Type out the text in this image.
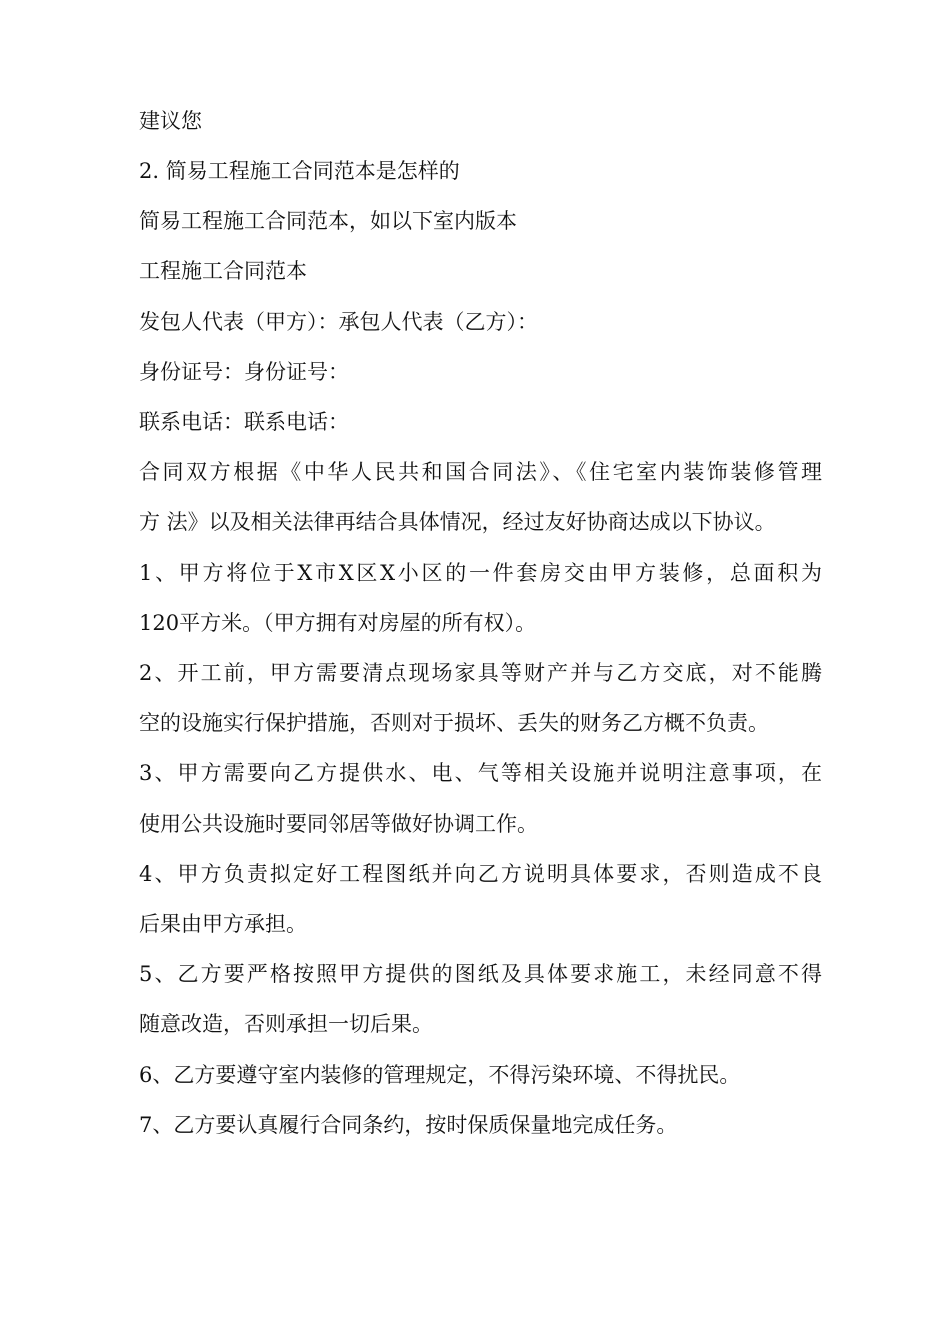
建议您
2. 简易工程施工合同范本是怎样的
简易工程施工合同范本，如以下室内版本
工程施工合同范本
发包人代表（甲方）：承包人代表（乙方）：
身份证号：身份证号：
联系电话：联系电话：
合同双方根据《中华人民共和国合同法》、《住宅室内装饰装修管理
方 法》以及相关法律再结合具体情况，经过友好协商达成以下协议。
1、甲方将位于X市X区X小区的一件套房交由甲方装修，总面积为
120平方米。（甲方拥有对房屋的所有权）。
2、开工前，甲方需要清点现场家具等财产并与乙方交底，对不能腾
空的设施实行保护措施，否则对于损坏、丢失的财务乙方概不负责。
3、甲方需要向乙方提供水、电、气等相关设施并说明注意事项，在
使用公共设施时要同邻居等做好协调工作。
4、甲方负责拟定好工程图纸并向乙方说明具体要求，否则造成不良
后果由甲方承担。
5、乙方要严格按照甲方提供的图纸及具体要求施工，未经同意不得
随意改造，否则承担一切后果。
6、乙方要遵守室内装修的管理规定，不得污染环境、不得扰民。
7、乙方要认真履行合同条约，按时保质保量地完成任务。
